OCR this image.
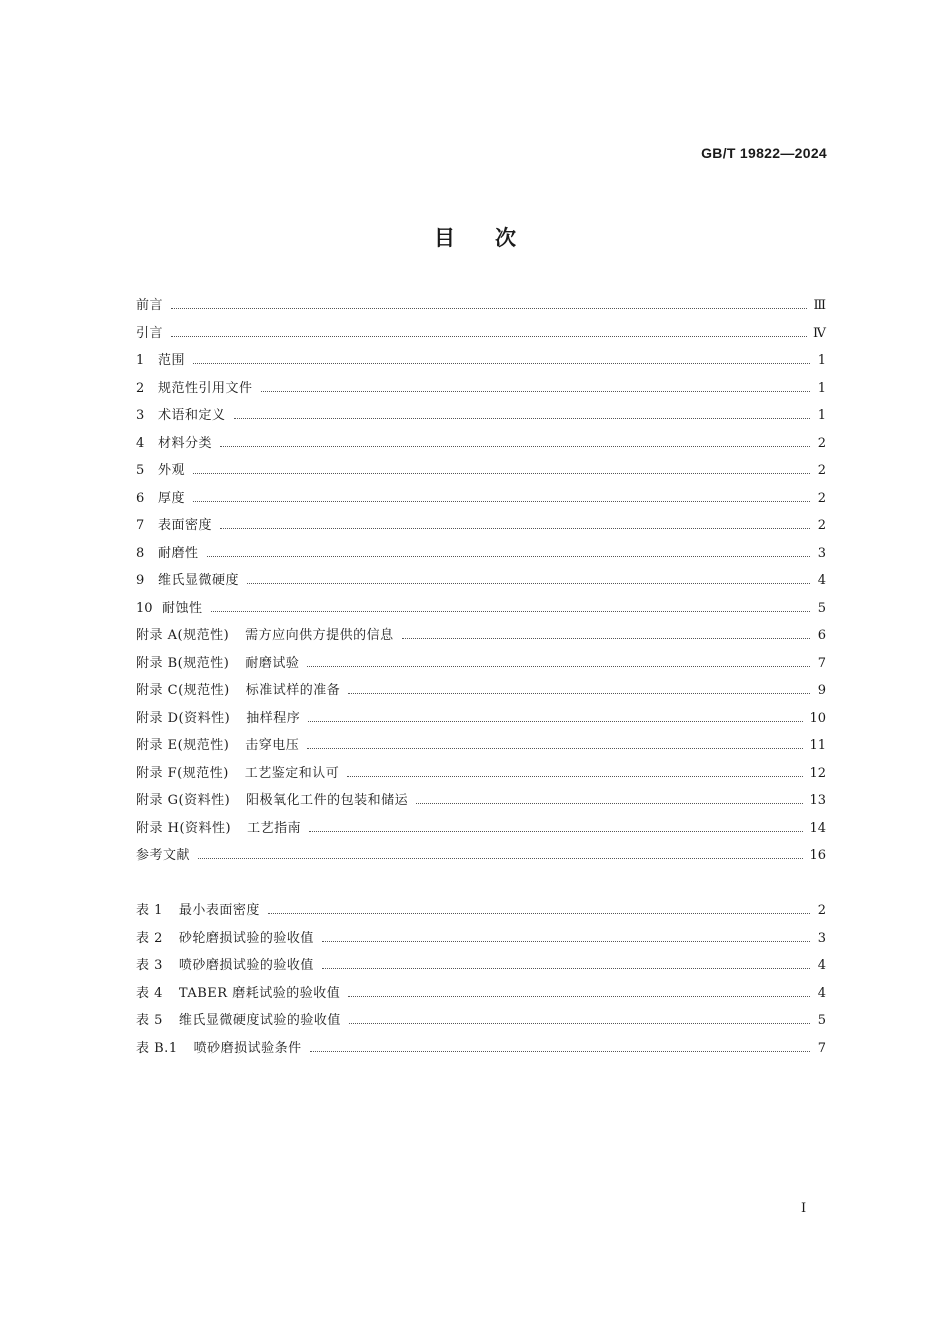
GB/T 19822—2024
目次
前言	Ⅲ
引言	Ⅳ
1	范围	1
2	规范性引用文件	1
3	术语和定义	1
4	材料分类	2
5	外观	2
6	厚度	2
7	表面密度	2
8	耐磨性	3
9	维氏显微硬度	4
10 耐蚀性	5
附录 A(规范性)	需方应向供方提供的信息	6
附录 B(规范性)	耐磨试验	7
附录 C(规范性)	标准试样的准备	9
附录 D(资料性)	抽样程序	10
附录 E(规范性)	击穿电压	11
附录 F(规范性)	工艺鉴定和认可	12
附录 G(资料性)	阳极氧化工件的包装和储运	13
附录 H(资料性)	工艺指南	14
参考文献	16
表 1	最小表面密度	2
表 2	砂轮磨损试验的验收值	3
表 3	喷砂磨损试验的验收值	4
表 4	TABER 磨耗试验的验收值	4
表 5	维氏显微硬度试验的验收值	5
表 B.1	喷砂磨损试验条件	7
I
